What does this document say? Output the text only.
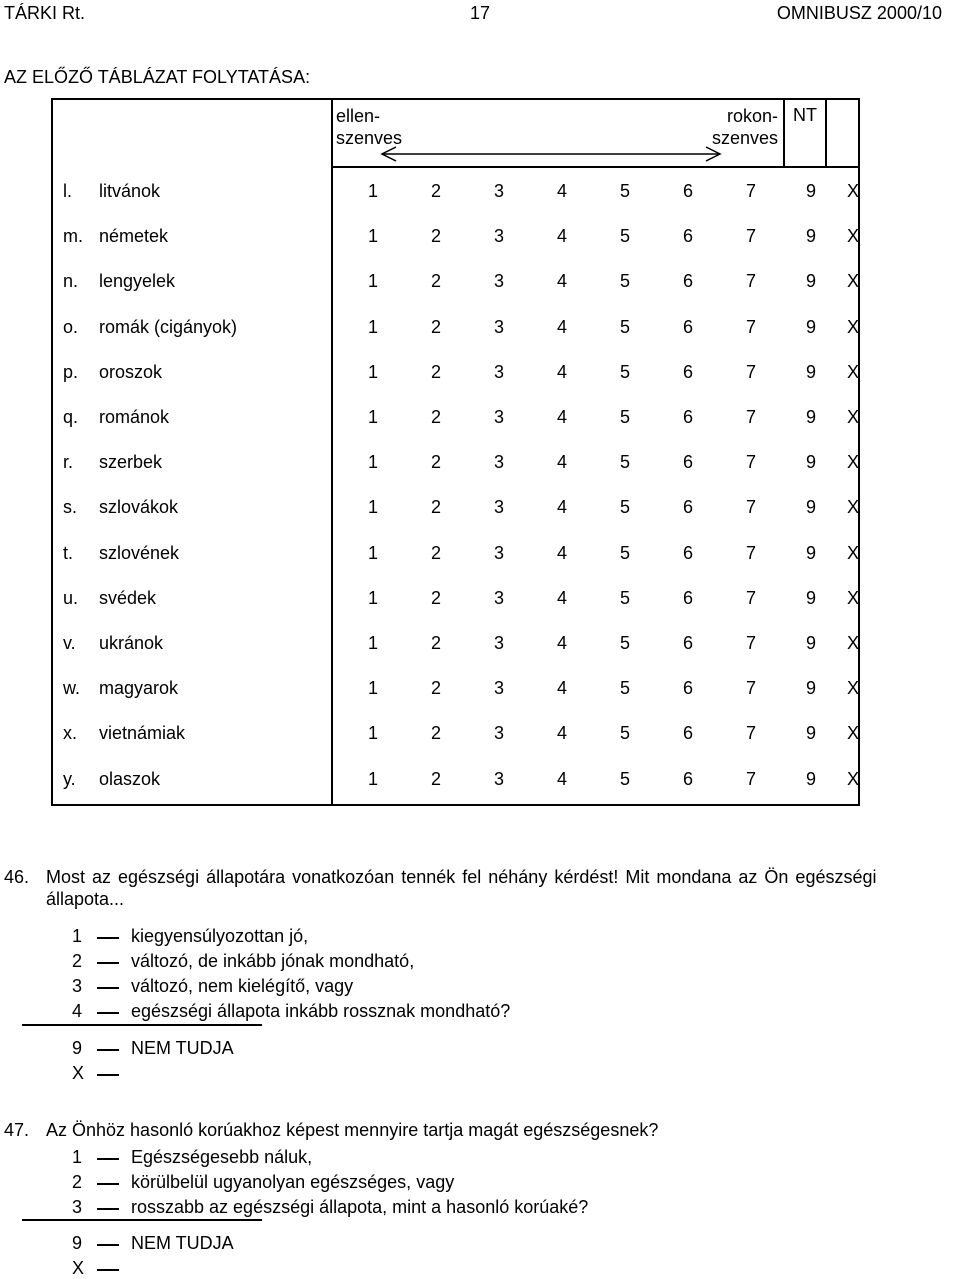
TÁRKI Rt.	17	OMNIBUSZ 2000/10
AZ ELŐZŐ TÁBLÁZAT FOLYTATÁSA:
ellen-
szenves
rokon-
szenves
NT
l. litvánok	1	2	3	4	5	6	7	9 X
m. németek	1	2	3	4	5	6	7	9 X
n. lengyelek	1	2	3	4	5	6	7	9 X
o. romák (cigányok)	1	2	3	4	5	6	7	9 X
p. oroszok	1	2	3	4	5	6	7	9 X
q. románok	1	2	3	4	5	6	7	9 X
r. szerbek	1	2	3	4	5	6	7	9 X
s. szlovákok	1	2	3	4	5	6	7	9 X
t. szlovének	1	2	3	4	5	6	7	9 X
u. svédek	1	2	3	4	5	6	7	9 X
v. ukránok	1	2	3	4	5	6	7	9 X
w. magyarok	1	2	3	4	5	6	7	9 X
x. vietnámiak	1	2	3	4	5	6	7	9 X
y. olaszok	1	2	3	4	5	6	7	9 X
46. Most az egészségi állapotára vonatkozóan tennék fel néhány kérdést! Mit mondana az Ön egészségi
állapota...
1	kiegyensúlyozottan jó,
2	változó, de inkább jónak mondható,
3	változó, nem kielégítő, vagy
4	egészségi állapota inkább rossznak mondható?
9	NEM TUDJA
X
47. Az Önhöz hasonló korúakhoz képest mennyire tartja magát egészségesnek?
1	Egészségesebb náluk,
2	körülbelül ugyanolyan egészséges, vagy
3	rosszabb az egészségi állapota, mint a hasonló korúaké?
9	NEM TUDJA
X
